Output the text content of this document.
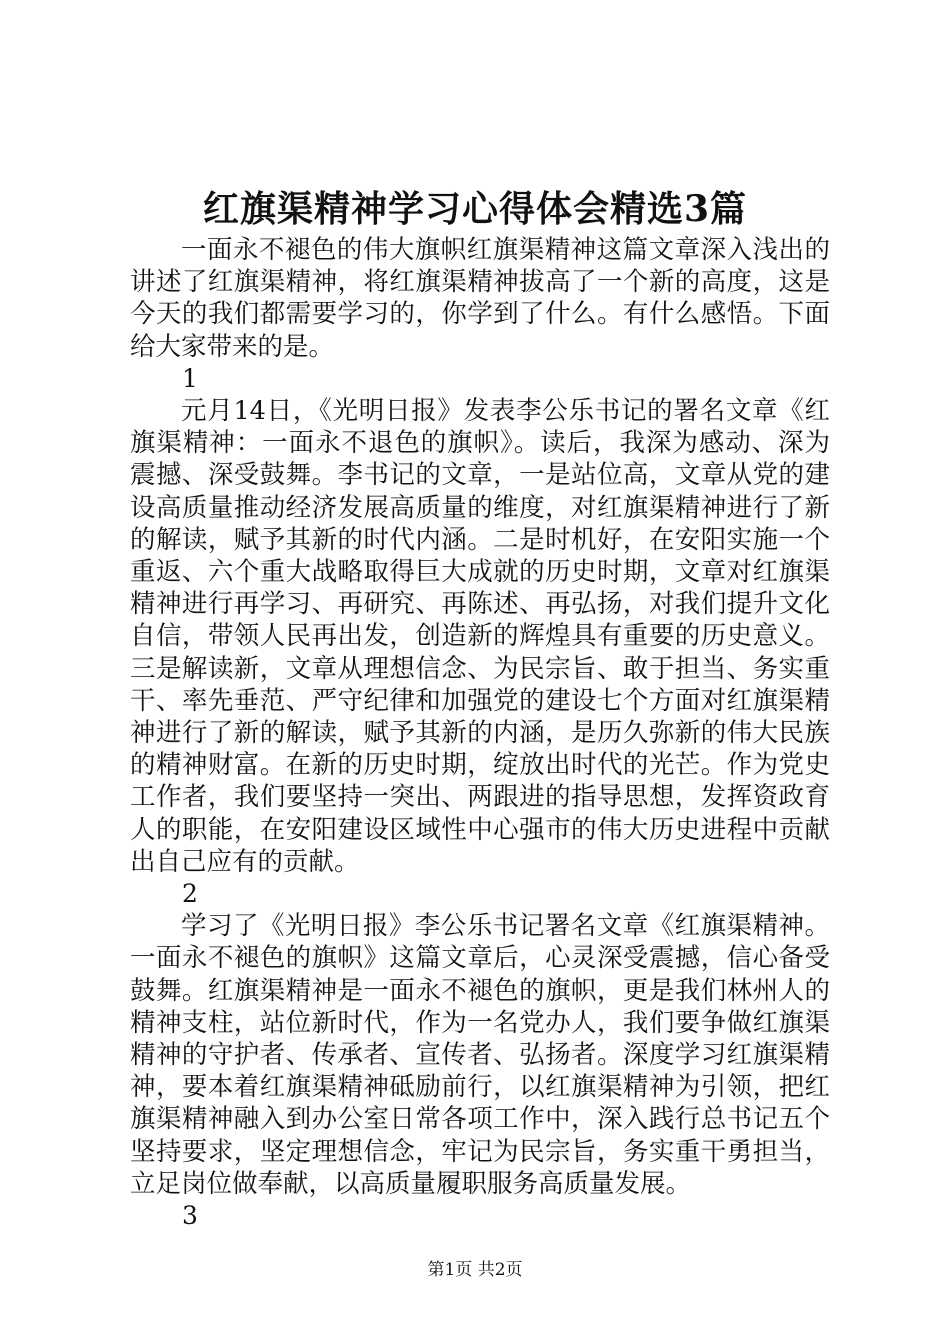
红旗渠精神学习心得体会精选3篇

一面永不褪色的伟大旗帜红旗渠精神这篇文章深入浅出的讲述了红旗渠精神，将红旗渠精神拔高了一个新的高度，这是今天的我们都需要学习的，你学到了什么。有什么感悟。下面给大家带来的是。

1

元月14日，《光明日报》发表李公乐书记的署名文章《红旗渠精神：一面永不退色的旗帜》。读后，我深为感动、深为震撼、深受鼓舞。李书记的文章，一是站位高，文章从党的建设高质量推动经济发展高质量的维度，对红旗渠精神进行了新的解读，赋予其新的时代内涵。二是时机好，在安阳实施一个重返、六个重大战略取得巨大成就的历史时期，文章对红旗渠精神进行再学习、再研究、再陈述、再弘扬，对我们提升文化自信，带领人民再出发，创造新的辉煌具有重要的历史意义。三是解读新，文章从理想信念、为民宗旨、敢于担当、务实重干、率先垂范、严守纪律和加强党的建设七个方面对红旗渠精神进行了新的解读，赋予其新的内涵，是历久弥新的伟大民族的精神财富。在新的历史时期，绽放出时代的光芒。作为党史工作者，我们要坚持一突出、两跟进的指导思想，发挥资政育人的职能，在安阳建设区域性中心强市的伟大历史进程中贡献出自己应有的贡献。

2

学习了《光明日报》李公乐书记署名文章《红旗渠精神。一面永不褪色的旗帜》这篇文章后，心灵深受震撼，信心备受鼓舞。红旗渠精神是一面永不褪色的旗帜，更是我们林州人的精神支柱，站位新时代，作为一名党办人，我们要争做红旗渠精神的守护者、传承者、宣传者、弘扬者。深度学习红旗渠精神，要本着红旗渠精神砥励前行，以红旗渠精神为引领，把红旗渠精神融入到办公室日常各项工作中，深入践行总书记五个坚持要求，坚定理想信念，牢记为民宗旨，务实重干勇担当，立足岗位做奉献，以高质量履职服务高质量发展。

3

第1页 共2页
